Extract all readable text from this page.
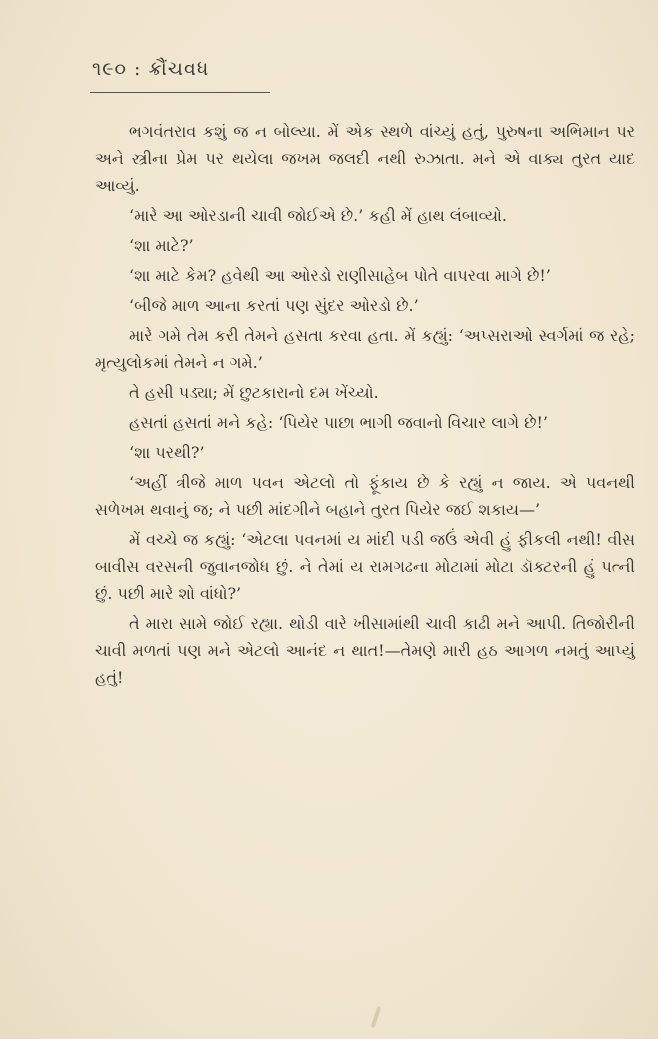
૧૯૦ : ક્રૌંચવધ

ભગવંતરાવ કશું જ ન બોલ્યા. મેં એક સ્થળે વાંચ્યું હતું, પુરુષના અભિમાન પર અને સ્ત્રીના પ્રેમ પર થયેલા જખમ જલદી નથી રુઝાતા. મને એ વાક્ય તુરત યાદ આવ્યું.

‘મારે આ ઓરડાની ચાવી જોઈએ છે.’ કહી મેં હાથ લંબાવ્યો.

‘શા માટે?’

‘શા માટે કેમ? હવેથી આ ઓરડો રાણીસાહેબ પોતે વાપરવા માગે છે!’

‘બીજે માળ આના કરતાં પણ સુંદર ઓરડો છે.’

મારે ગમે તેમ કરી તેમને હસતા કરવા હતા. મેં કહ્યું: ‘અપ્સરાઓ સ્વર્ગમાં જ રહે; મૃત્યુલોકમાં તેમને ન ગમે.’

તે હસી પડ્યા; મેં છુટકારાનો દમ ખેંચ્યો.

હસતાં હસતાં મને કહે: ‘પિયેર પાછા ભાગી જવાનો વિચાર લાગે છે!’

‘શા પરથી?’

‘અહીં ત્રીજે માળ પવન એટલો તો ફૂંકાય છે કે રહ્યું ન જાય. એ પવનથી સળેખમ થવાનું જ; ને પછી માંદગીને બહાને તુરત પિયેર જઈ શકાય—’

મેં વચ્ચે જ કહ્યું: ‘એટલા પવનમાં ય માંદી પડી જઉં એવી હું ફીકલી નથી! વીસ બાવીસ વરસની જુવાનજોધ છું. ને તેમાં ય રામગઢના મોટામાં મોટા ડૉક્ટરની હું પત્ની છું. પછી મારે શો વાંધો?’

તે મારા સામે જોઈ રહ્યા. થોડી વારે ખીસામાંથી ચાવી કાઢી મને આપી. તિજોરીની ચાવી મળતાં પણ મને એટલો આનંદ ન થાત!—તેમણે મારી હઠ આગળ નમતું આપ્યું હતું!
